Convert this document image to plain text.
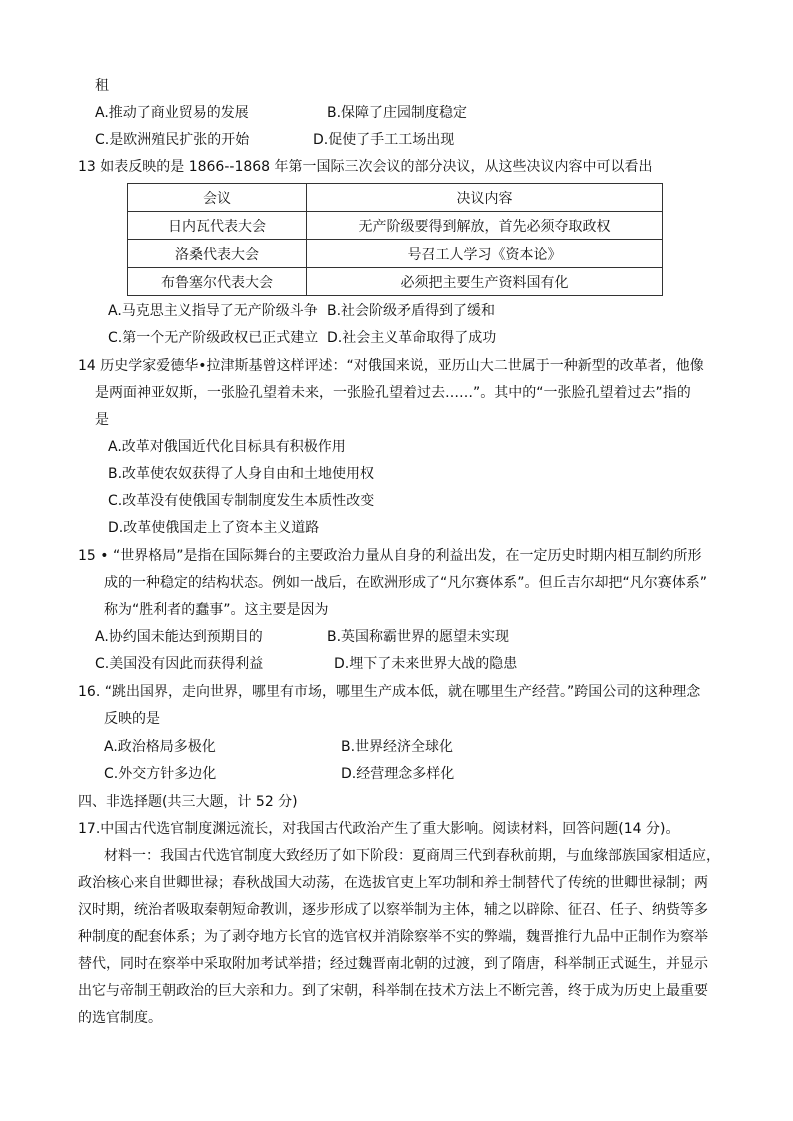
租
A.推动了商业贸易的发展	B.保障了庄园制度稳定
C.是欧洲殖民扩张的开始	D.促使了手工工场出现
13 如表反映的是 1866--1868 年第一国际三次会议的部分决议，从这些决议内容中可以看出
会议	决议内容
日内瓦代表大会	无产阶级要得到解放，首先必须夺取政权
洛桑代表大会	号召工人学习《资本论》
布鲁塞尔代表大会	必须把主要生产资料国有化
A.马克思主义指导了无产阶级斗争 B.社会阶级矛盾得到了缓和
C.第一个无产阶级政权已正式建立 D.社会主义革命取得了成功
14 历史学家爱德华•拉津斯基曾这样评述：“对俄国来说，亚历山大二世属于一种新型的改革者，他像
是两面神亚奴斯，一张脸孔望着未来，一张脸孔望着过去……”。其中的“一张脸孔望着过去”指的
是
A.改革对俄国近代化目标具有积极作用
B.改革使农奴获得了人身自由和土地使用权
C.改革没有使俄国专制制度发生本质性改变
D.改革使俄国走上了资本主义道路
15 • “世界格局”是指在国际舞台的主要政治力量从自身的利益出发，在一定历史时期内相互制约所形
成的一种稳定的结构状态。例如一战后，在欧洲形成了“凡尔赛体系”。但丘吉尔却把“凡尔赛体系”
称为“胜利者的蠢事”。这主要是因为
A.协约国未能达到预期目的	B.英国称霸世界的愿望未实现
C.美国没有因此而获得利益	D.埋下了未来世界大战的隐患
16. “跳出国界，走向世界，哪里有市场，哪里生产成本低，就在哪里生产经营。”跨国公司的这种理念
反映的是
A.政治格局多极化	B.世界经济全球化
C.外交方针多边化	D.经营理念多样化
四、非选择题(共三大题，计 52 分)
17.中国古代选官制度渊远流长，对我国古代政治产生了重大影响。阅读材料，回答问题(14 分)。
材料一：我国古代选官制度大致经历了如下阶段：夏商周三代到春秋前期，与血缘部族国家相适应，
政治核心来自世卿世禄；春秋战国大动荡，在选拔官吏上军功制和养士制替代了传统的世卿世禄制；两
汉时期，统治者吸取秦朝短命教训，逐步形成了以察举制为主体，辅之以辟除、征召、任子、纳赀等多
种制度的配套体系；为了剥夺地方长官的选官权并消除察举不实的弊端，魏晋推行九品中正制作为察举
替代，同时在察举中采取附加考试举措；经过魏晋南北朝的过渡，到了隋唐，科举制正式诞生，并显示
出它与帝制王朝政治的巨大亲和力。到了宋朝，科举制在技术方法上不断完善，终于成为历史上最重要
的选官制度。
